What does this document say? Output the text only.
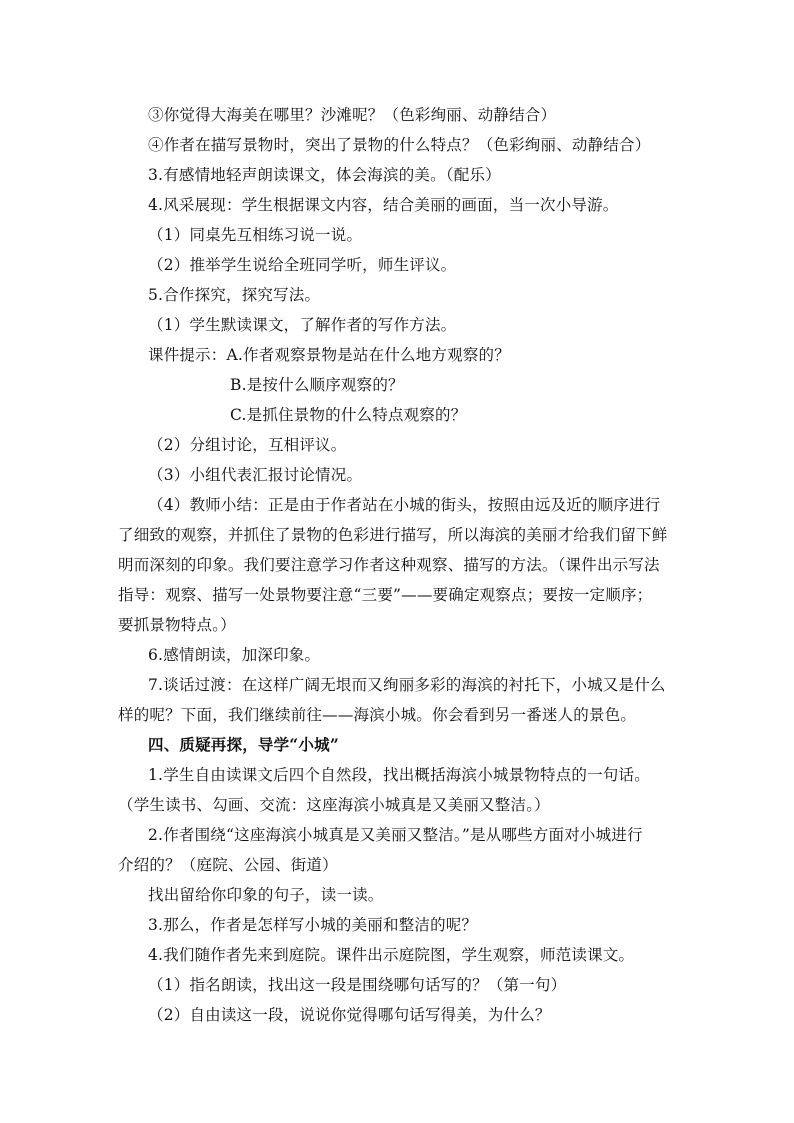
③你觉得大海美在哪里？沙滩呢？（色彩绚丽、动静结合）
④作者在描写景物时，突出了景物的什么特点？（色彩绚丽、动静结合）
3.有感情地轻声朗读课文，体会海滨的美。（配乐）
4.风采展现：学生根据课文内容，结合美丽的画面，当一次小导游。
（1）同桌先互相练习说一说。
（2）推举学生说给全班同学听，师生评议。
5.合作探究，探究写法。
（1）学生默读课文，了解作者的写作方法。
课件提示：A.作者观察景物是站在什么地方观察的？
B.是按什么顺序观察的？
C.是抓住景物的什么特点观察的？
（2）分组讨论，互相评议。
（3）小组代表汇报讨论情况。
（4）教师小结：正是由于作者站在小城的街头，按照由远及近的顺序进行
了细致的观察，并抓住了景物的色彩进行描写，所以海滨的美丽才给我们留下鲜
明而深刻的印象。我们要注意学习作者这种观察、描写的方法。（课件出示写法
指导：观察、描写一处景物要注意“三要”——要确定观察点；要按一定顺序；
要抓景物特点。）
6.感情朗读，加深印象。
7.谈话过渡：在这样广阔无垠而又绚丽多彩的海滨的衬托下，小城又是什么
样的呢？下面，我们继续前往——海滨小城。你会看到另一番迷人的景色。
四、质疑再探，导学“小城”
1.学生自由读课文后四个自然段，找出概括海滨小城景物特点的一句话。
（学生读书、勾画、交流：这座海滨小城真是又美丽又整洁。）
2.作者围绕“这座海滨小城真是又美丽又整洁。”是从哪些方面对小城进行
介绍的？（庭院、公园、街道）
找出留给你印象的句子，读一读。
3.那么，作者是怎样写小城的美丽和整洁的呢？
4.我们随作者先来到庭院。课件出示庭院图，学生观察，师范读课文。
（1）指名朗读，找出这一段是围绕哪句话写的？（第一句）
（2）自由读这一段，说说你觉得哪句话写得美，为什么？
